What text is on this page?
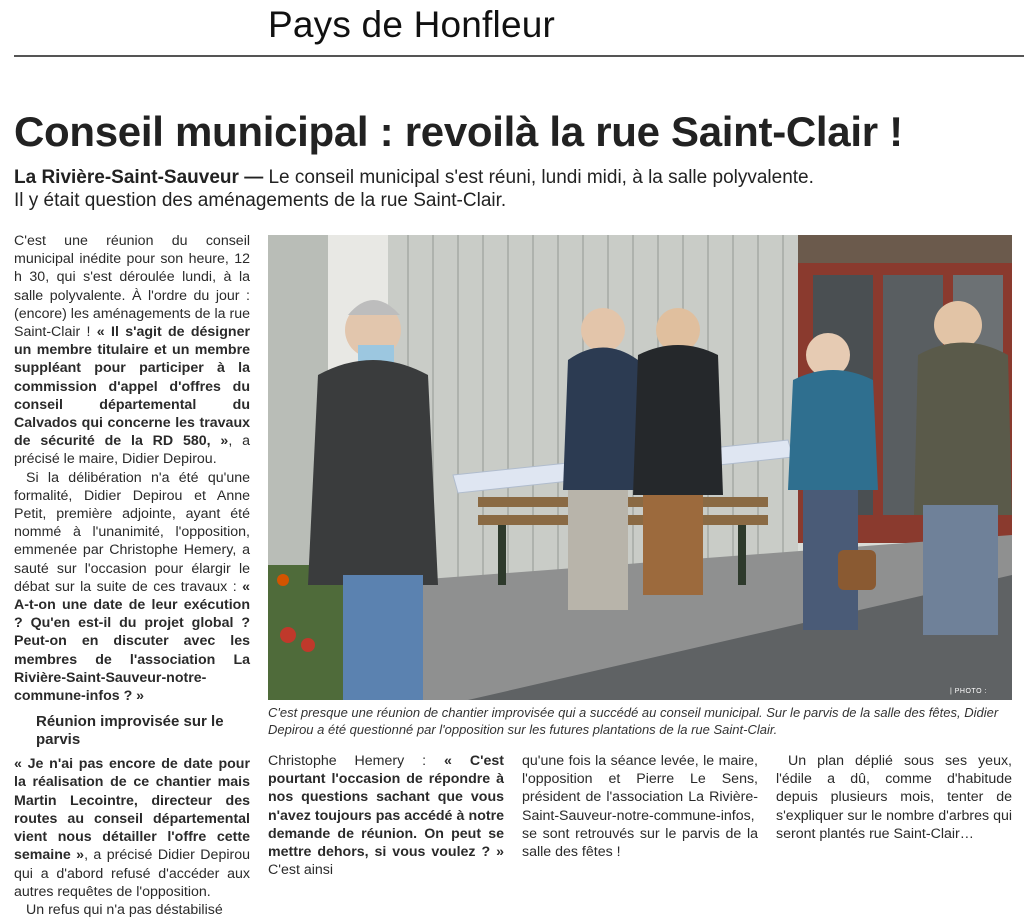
Pays de Honfleur
Conseil municipal : revoilà la rue Saint-Clair !
La Rivière-Saint-Sauveur — Le conseil municipal s'est réuni, lundi midi, à la salle polyvalente.
Il y était question des aménagements de la rue Saint-Clair.

C'est une réunion du conseil municipal inédite pour son heure, 12 h 30, qui s'est déroulée lundi, à la salle polyvalente. À l'ordre du jour : (encore) les aménagements de la rue Saint-Clair ! « Il s'agit de désigner un membre titulaire et un membre suppléant pour participer à la commission d'appel d'offres du conseil départemental du Calvados qui concerne les travaux de sécurité de la RD 580, », a précisé le maire, Didier Depirou.

Si la délibération n'a été qu'une formalité, Didier Depirou et Anne Petit, première adjointe, ayant été nommé à l'unanimité, l'opposition, emmenée par Christophe Hemery, a sauté sur l'occasion pour élargir le débat sur la suite de ces travaux : « A-t-on une date de leur exécution ? Qu'en est-il du projet global ? Peut-on en discuter avec les membres de l'association La Rivière-Saint-Sauveur-notre-commune-infos ? »

Réunion improvisée sur le parvis

« Je n'ai pas encore de date pour la réalisation de ce chantier mais Martin Lecointre, directeur des routes au conseil départemental vient nous détailler l'offre cette semaine », a précisé Didier Depirou qui a d'abord refusé d'accéder aux autres requêtes de l'opposition.

Un refus qui n'a pas déstabilisé

| PHOTO :
C'est presque une réunion de chantier improvisée qui a succédé au conseil municipal. Sur le parvis de la salle des fêtes, Didier Depirou a été questionné par l'opposition sur les futures plantations de la rue Saint-Clair.

Christophe Hemery : « C'est pourtant l'occasion de répondre à nos questions sachant que vous n'avez toujours pas accédé à notre demande de réunion. On peut se mettre dehors, si vous voulez ? » C'est ainsi

qu'une fois la séance levée, le maire, l'opposition et Pierre Le Sens, président de l'association La Rivière-Saint-Sauveur-notre-commune-infos, se sont retrouvés sur le parvis de la salle des fêtes !

Un plan déplié sous ses yeux, l'édile a dû, comme d'habitude depuis plusieurs mois, tenter de s'expliquer sur le nombre d'arbres qui seront plantés rue Saint-Clair…
